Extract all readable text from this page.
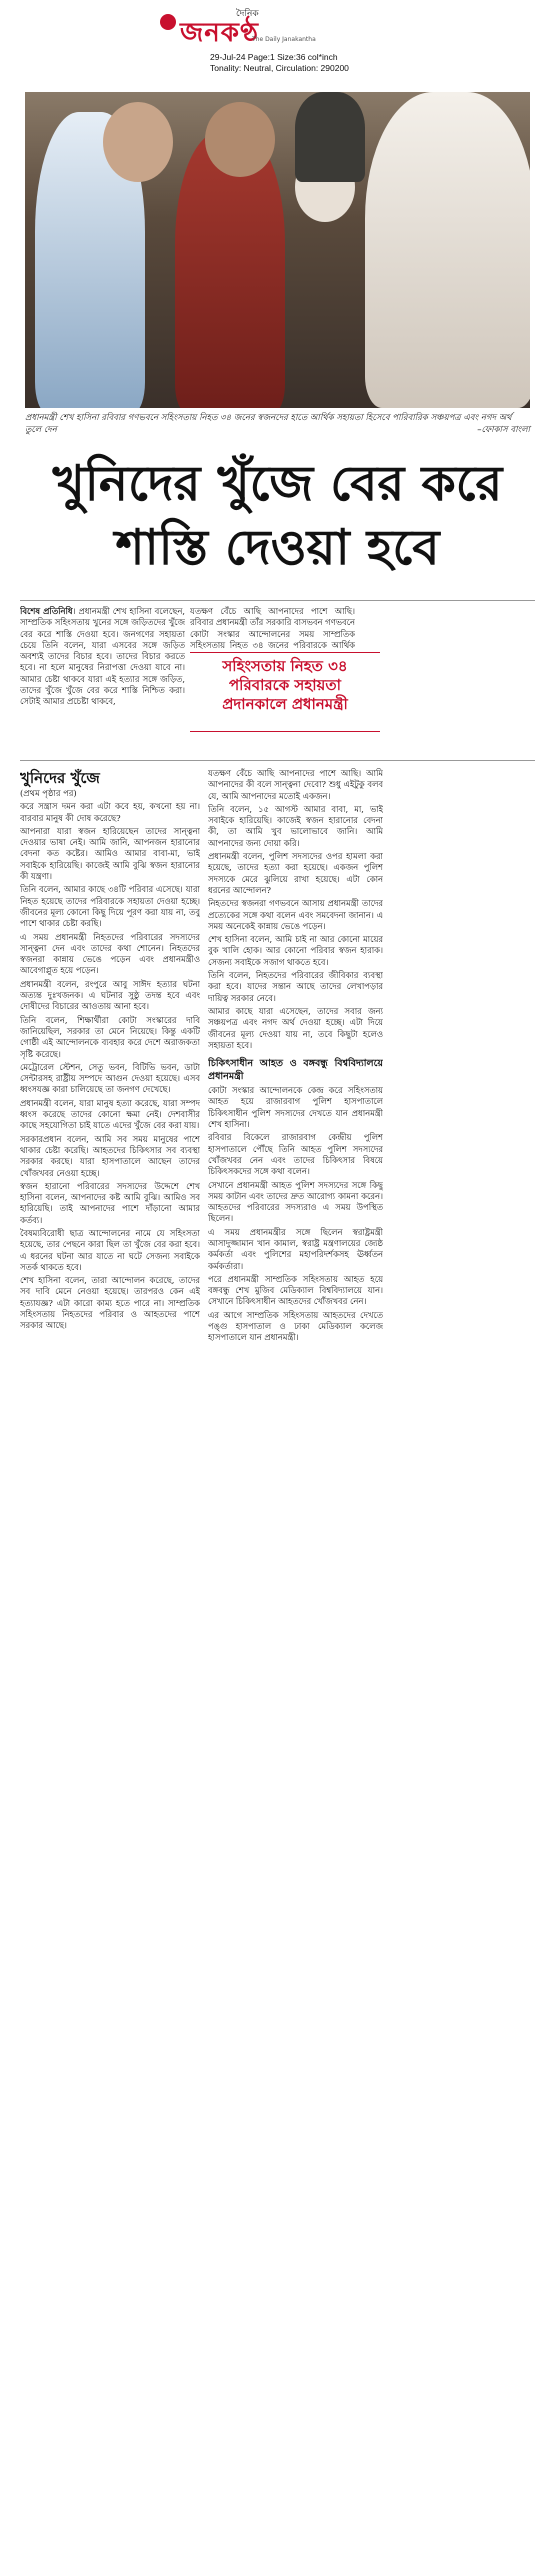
দৈনিক
জনকণ্ঠ
The Daily Janakantha
29-Jul-24 Page:1 Size:36 col*inch
Tonality: Neutral, Circulation: 290200
প্রধানমন্ত্রী শেখ হাসিনা রবিবার গণভবনে সহিংসতায় নিহত ৩৪ জনের স্বজনদের হাতে আর্থিক সহায়তা হিসেবে পারিবারিক সঞ্চয়পত্র এবং নগদ অর্থ তুলে দেন	–ফোকাস বাংলা
খুনিদের খুঁজে বের করে শাস্তি দেওয়া হবে
বিশেষ প্রতিনিধি। প্রধানমন্ত্রী শেখ হাসিনা বলেছেন, সাম্প্রতিক সহিংসতায় খুনের সঙ্গে জড়িতদের খুঁজে বের করে শাস্তি দেওয়া হবে। জনগণের সহায়তা চেয়ে তিনি বলেন, যারা এসবের সঙ্গে জড়িত অবশ্যই তাদের বিচার হবে। তাদের বিচার করতে হবে। না হলে মানুষের নিরাপত্তা দেওয়া যাবে না। আমার চেষ্টা থাকবে যারা এই হত্যার সঙ্গে জড়িত, তাদের খুঁজে খুঁজে বের করে শাস্তি নিশ্চিত করা। সেটাই আমার প্রচেষ্টা থাকবে,
যতক্ষণ বেঁচে আছি আপনাদের পাশে আছি। রবিবার প্রধানমন্ত্রী তাঁর সরকারি বাসভবন গণভবনে কোটা সংস্কার আন্দোলনের সময় সাম্প্রতিক সহিংসতায় নিহত ৩৪ জনের পরিবারকে আর্থিক
সহিংসতায় নিহত ৩৪
পরিবারকে সহায়তা
প্রদানকালে প্রধানমন্ত্রী
খুনিদের খুঁজে

(প্রথম পৃষ্ঠার পর)

করে সন্ত্রাস দমন করা এটা কবে হয়, কখনো হয় না। বারবার মানুষ কী দোষ করেছে?

আপনারা যারা স্বজন হারিয়েছেন তাদের সান্ত্বনা দেওয়ার ভাষা নেই। আমি জানি, আপনজন হারানোর বেদনা কত কষ্টের। আমিও আমার বাবা-মা, ভাই সবাইকে হারিয়েছি। কাজেই আমি বুঝি স্বজন হারানোর কী যন্ত্রণা।

তিনি বলেন, আমার কাছে ৩৪টি পরিবার এসেছে। যারা নিহত হয়েছে তাদের পরিবারকে সহায়তা দেওয়া হচ্ছে। জীবনের মূল্য কোনো কিছু দিয়ে পূরণ করা যায় না, তবু পাশে থাকার চেষ্টা করছি।

এ সময় প্রধানমন্ত্রী নিহতদের পরিবারের সদস্যদের সান্ত্বনা দেন এবং তাদের কথা শোনেন। নিহতদের স্বজনরা কান্নায় ভেঙে পড়েন এবং প্রধানমন্ত্রীও আবেগাপ্লুত হয়ে পড়েন।

প্রধানমন্ত্রী বলেন, রংপুরে আবু সাঈদ হত্যার ঘটনা অত্যন্ত দুঃখজনক। এ ঘটনার সুষ্ঠু তদন্ত হবে এবং দোষীদের বিচারের আওতায় আনা হবে।

তিনি বলেন, শিক্ষার্থীরা কোটা সংস্কারের দাবি জানিয়েছিল, সরকার তা মেনে নিয়েছে। কিন্তু একটি গোষ্ঠী এই আন্দোলনকে ব্যবহার করে দেশে অরাজকতা সৃষ্টি করেছে।

মেট্রোরেল স্টেশন, সেতু ভবন, বিটিভি ভবন, ডাটা সেন্টারসহ রাষ্ট্রীয় সম্পদে আগুন দেওয়া হয়েছে। এসব ধ্বংসযজ্ঞ কারা চালিয়েছে তা জনগণ দেখেছে।

প্রধানমন্ত্রী বলেন, যারা মানুষ হত্যা করেছে, যারা সম্পদ ধ্বংস করেছে তাদের কোনো ক্ষমা নেই। দেশবাসীর কাছে সহযোগিতা চাই যাতে এদের খুঁজে বের করা যায়।

সরকারপ্রধান বলেন, আমি সব সময় মানুষের পাশে থাকার চেষ্টা করেছি। আহতদের চিকিৎসার সব ব্যবস্থা সরকার করছে। যারা হাসপাতালে আছেন তাদের খোঁজখবর নেওয়া হচ্ছে।

স্বজন হারানো পরিবারের সদস্যদের উদ্দেশে শেখ হাসিনা বলেন, আপনাদের কষ্ট আমি বুঝি। আমিও সব হারিয়েছি। তাই আপনাদের পাশে দাঁড়ানো আমার কর্তব্য।

বৈষম্যবিরোধী ছাত্র আন্দোলনের নামে যে সহিংসতা হয়েছে, তার পেছনে কারা ছিল তা খুঁজে বের করা হবে। এ ধরনের ঘটনা আর যাতে না ঘটে সেজন্য সবাইকে সতর্ক থাকতে হবে।

শেখ হাসিনা বলেন, তারা আন্দোলন করেছে, তাদের সব দাবি মেনে নেওয়া হয়েছে। তারপরও কেন এই হত্যাযজ্ঞ? এটা কারো কাম্য হতে পারে না। সাম্প্রতিক সহিংসতায় নিহতদের পরিবার ও আহতদের পাশে সরকার আছে।

যতক্ষণ বেঁচে আছি আপনাদের পাশে আছি। আমি আপনাদের কী বলে সান্ত্বনা দেবো? শুধু এইটুকু বলব যে, আমি আপনাদের মতোই একজন।

তিনি বলেন, ১৫ আগস্ট আমার বাবা, মা, ভাই সবাইকে হারিয়েছি। কাজেই স্বজন হারানোর বেদনা কী, তা আমি খুব ভালোভাবে জানি। আমি আপনাদের জন্য দোয়া করি।

প্রধানমন্ত্রী বলেন, পুলিশ সদস্যদের ওপর হামলা করা হয়েছে, তাদের হত্যা করা হয়েছে। একজন পুলিশ সদস্যকে মেরে ঝুলিয়ে রাখা হয়েছে। এটা কোন ধরনের আন্দোলন?

নিহতদের স্বজনরা গণভবনে আসায় প্রধানমন্ত্রী তাদের প্রত্যেকের সঙ্গে কথা বলেন এবং সমবেদনা জানান। এ সময় অনেকেই কান্নায় ভেঙে পড়েন।

শেখ হাসিনা বলেন, আমি চাই না আর কোনো মায়ের বুক খালি হোক। আর কোনো পরিবার স্বজন হারাক। সেজন্য সবাইকে সজাগ থাকতে হবে।

তিনি বলেন, নিহতদের পরিবারের জীবিকার ব্যবস্থা করা হবে। যাদের সন্তান আছে তাদের লেখাপড়ার দায়িত্ব সরকার নেবে।

আমার কাছে যারা এসেছেন, তাদের সবার জন্য সঞ্চয়পত্র এবং নগদ অর্থ দেওয়া হচ্ছে। এটা দিয়ে জীবনের মূল্য দেওয়া যায় না, তবে কিছুটা হলেও সহায়তা হবে।

চিকিৎসাধীন আহত ও বঙ্গবন্ধু বিশ্ববিদ্যালয়ে প্রধানমন্ত্রী

কোটা সংস্কার আন্দোলনকে কেন্দ্র করে সহিংসতায় আহত হয়ে রাজারবাগ পুলিশ হাসপাতালে চিকিৎসাধীন পুলিশ সদস্যদের দেখতে যান প্রধানমন্ত্রী শেখ হাসিনা।

রবিবার বিকেলে রাজারবাগ কেন্দ্রীয় পুলিশ হাসপাতালে পৌঁছে তিনি আহত পুলিশ সদস্যদের খোঁজখবর নেন এবং তাদের চিকিৎসার বিষয়ে চিকিৎসকদের সঙ্গে কথা বলেন।

সেখানে প্রধানমন্ত্রী আহত পুলিশ সদস্যদের সঙ্গে কিছু সময় কাটান এবং তাদের দ্রুত আরোগ্য কামনা করেন। আহতদের পরিবারের সদস্যরাও এ সময় উপস্থিত ছিলেন।

এ সময় প্রধানমন্ত্রীর সঙ্গে ছিলেন স্বরাষ্ট্রমন্ত্রী আসাদুজ্জামান খান কামাল, স্বরাষ্ট্র মন্ত্রণালয়ের জ্যেষ্ঠ কর্মকর্তা এবং পুলিশের মহাপরিদর্শকসহ ঊর্ধ্বতন কর্মকর্তারা।

পরে প্রধানমন্ত্রী সাম্প্রতিক সহিংসতায় আহত হয়ে বঙ্গবন্ধু শেখ মুজিব মেডিক্যাল বিশ্ববিদ্যালয়ে যান। সেখানে চিকিৎসাধীন আহতদের খোঁজখবর নেন।

এর আগে সাম্প্রতিক সহিংসতায় আহতদের দেখতে পঙ্গু হাসপাতাল ও ঢাকা মেডিক্যাল কলেজ হাসপাতালে যান প্রধানমন্ত্রী।
